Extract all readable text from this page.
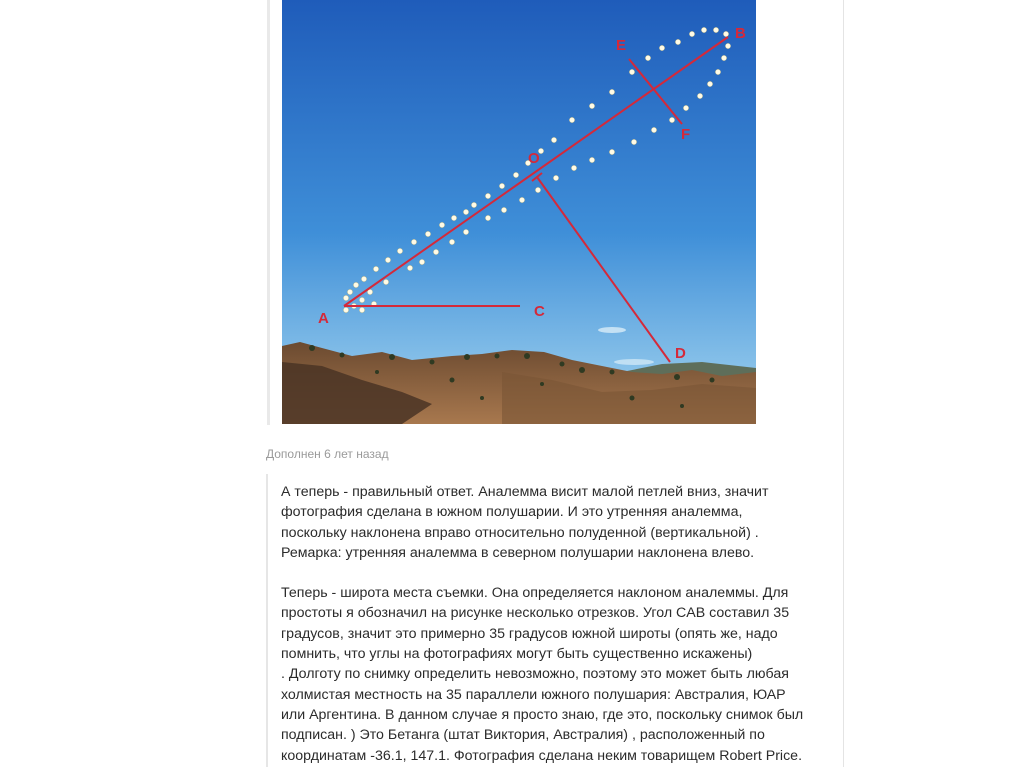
A
B
C
D
E
F
O
Дополнен 6 лет назад

А теперь - правильный ответ. Аналемма висит малой петлей вниз, значит
фотография сделана в южном полушарии. И это утренняя аналемма,
поскольку наклонена вправо относительно полуденной (вертикальной) .
Ремарка: утренняя аналемма в северном полушарии наклонена влево.

Теперь - широта места съемки. Она определяется наклоном аналеммы. Для
простоты я обозначил на рисунке несколько отрезков. Угол CAB составил 35
градусов, значит это примерно 35 градусов южной широты (опять же, надо
помнить, что углы на фотографиях могут быть существенно искажены)
. Долготу по снимку определить невозможно, поэтому это может быть любая
холмистая местность на 35 параллели южного полушария: Австралия, ЮАР
или Аргентина. В данном случае я просто знаю, где это, поскольку снимок был
подписан. ) Это Бетанга (штат Виктория, Австралия) , расположенный по
координатам -36.1, 147.1. Фотография сделана неким товарищем Robert Price.
